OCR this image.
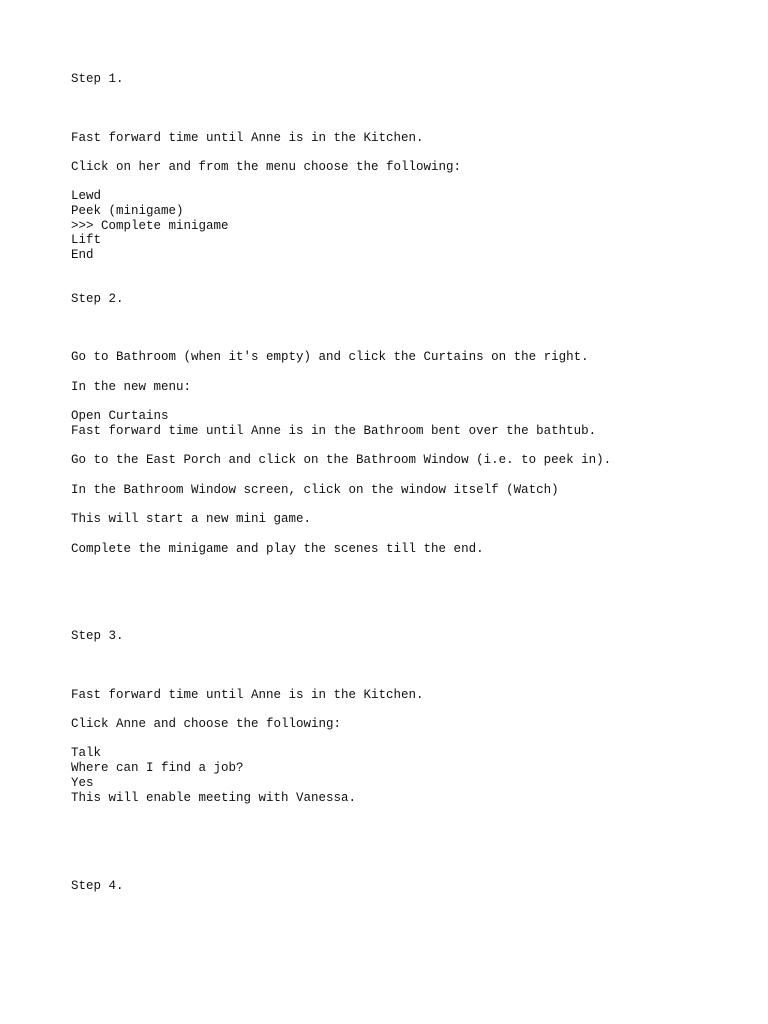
Step 1.

Fast forward time until Anne is in the Kitchen.

Click on her and from the menu choose the following:

Lewd

Peek (minigame)

>>> Complete minigame

Lift

End

Step 2.

Go to Bathroom (when it's empty) and click the Curtains on the right.

In the new menu:

Open Curtains

Fast forward time until Anne is in the Bathroom bent over the bathtub.

Go to the East Porch and click on the Bathroom Window (i.e. to peek in).

In the Bathroom Window screen, click on the window itself (Watch)

This will start a new mini game.

Complete the minigame and play the scenes till the end.

Step 3.

Fast forward time until Anne is in the Kitchen.

Click Anne and choose the following:

Talk

Where can I find a job?

Yes

This will enable meeting with Vanessa.

Step 4.
